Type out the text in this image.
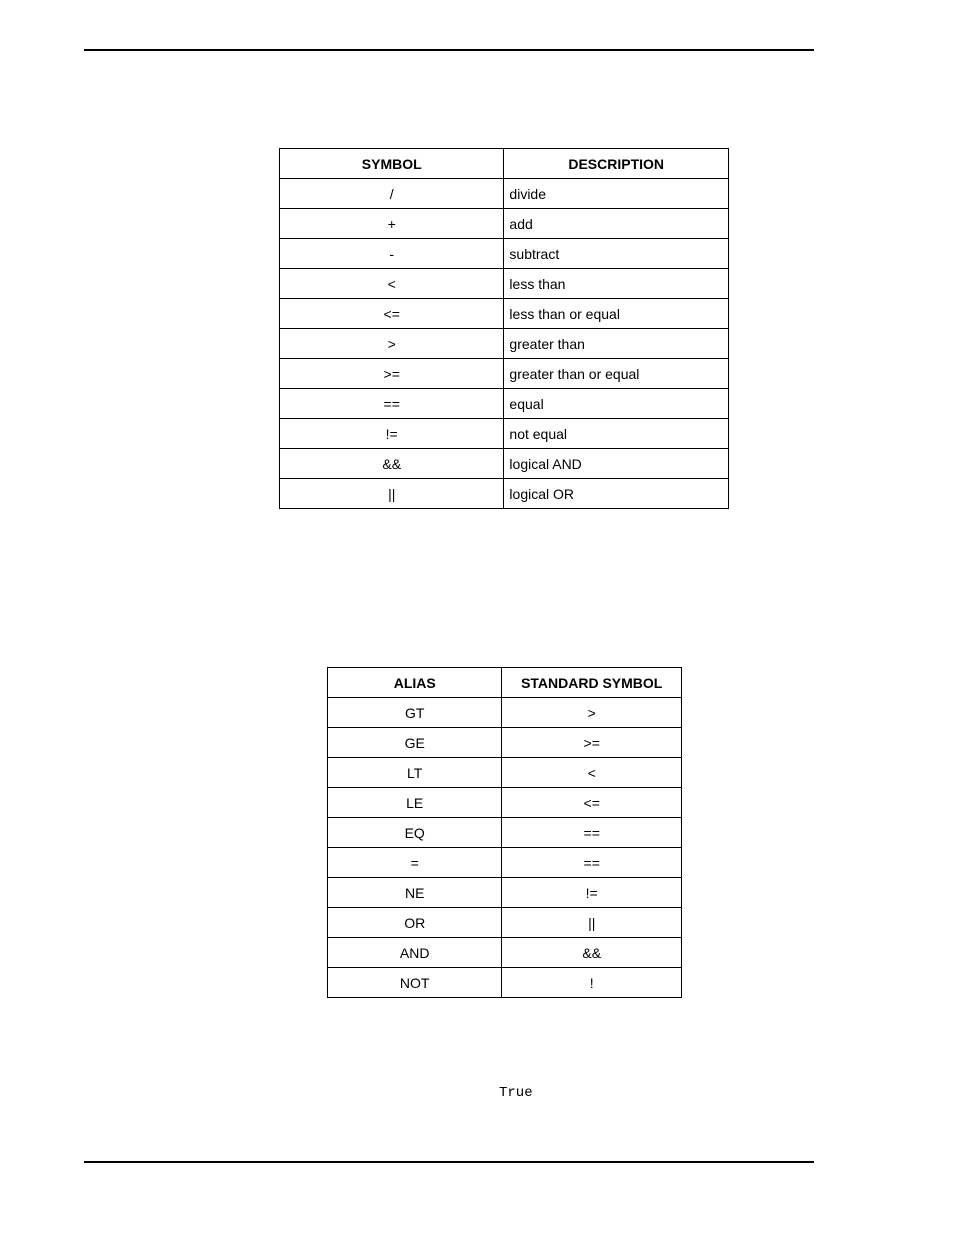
SYMBOL	DESCRIPTION
/	divide
+	add
-	subtract
<	less than
<=	less than or equal
>	greater than
>=	greater than or equal
==	equal
!=	not equal
&&	logical AND
||	logical OR
ALIAS	STANDARD SYMBOL
GT	>
GE	>=
LT	<
LE	<=
EQ	==
=	==
NE	!=
OR	||
AND	&&
NOT	!
True
